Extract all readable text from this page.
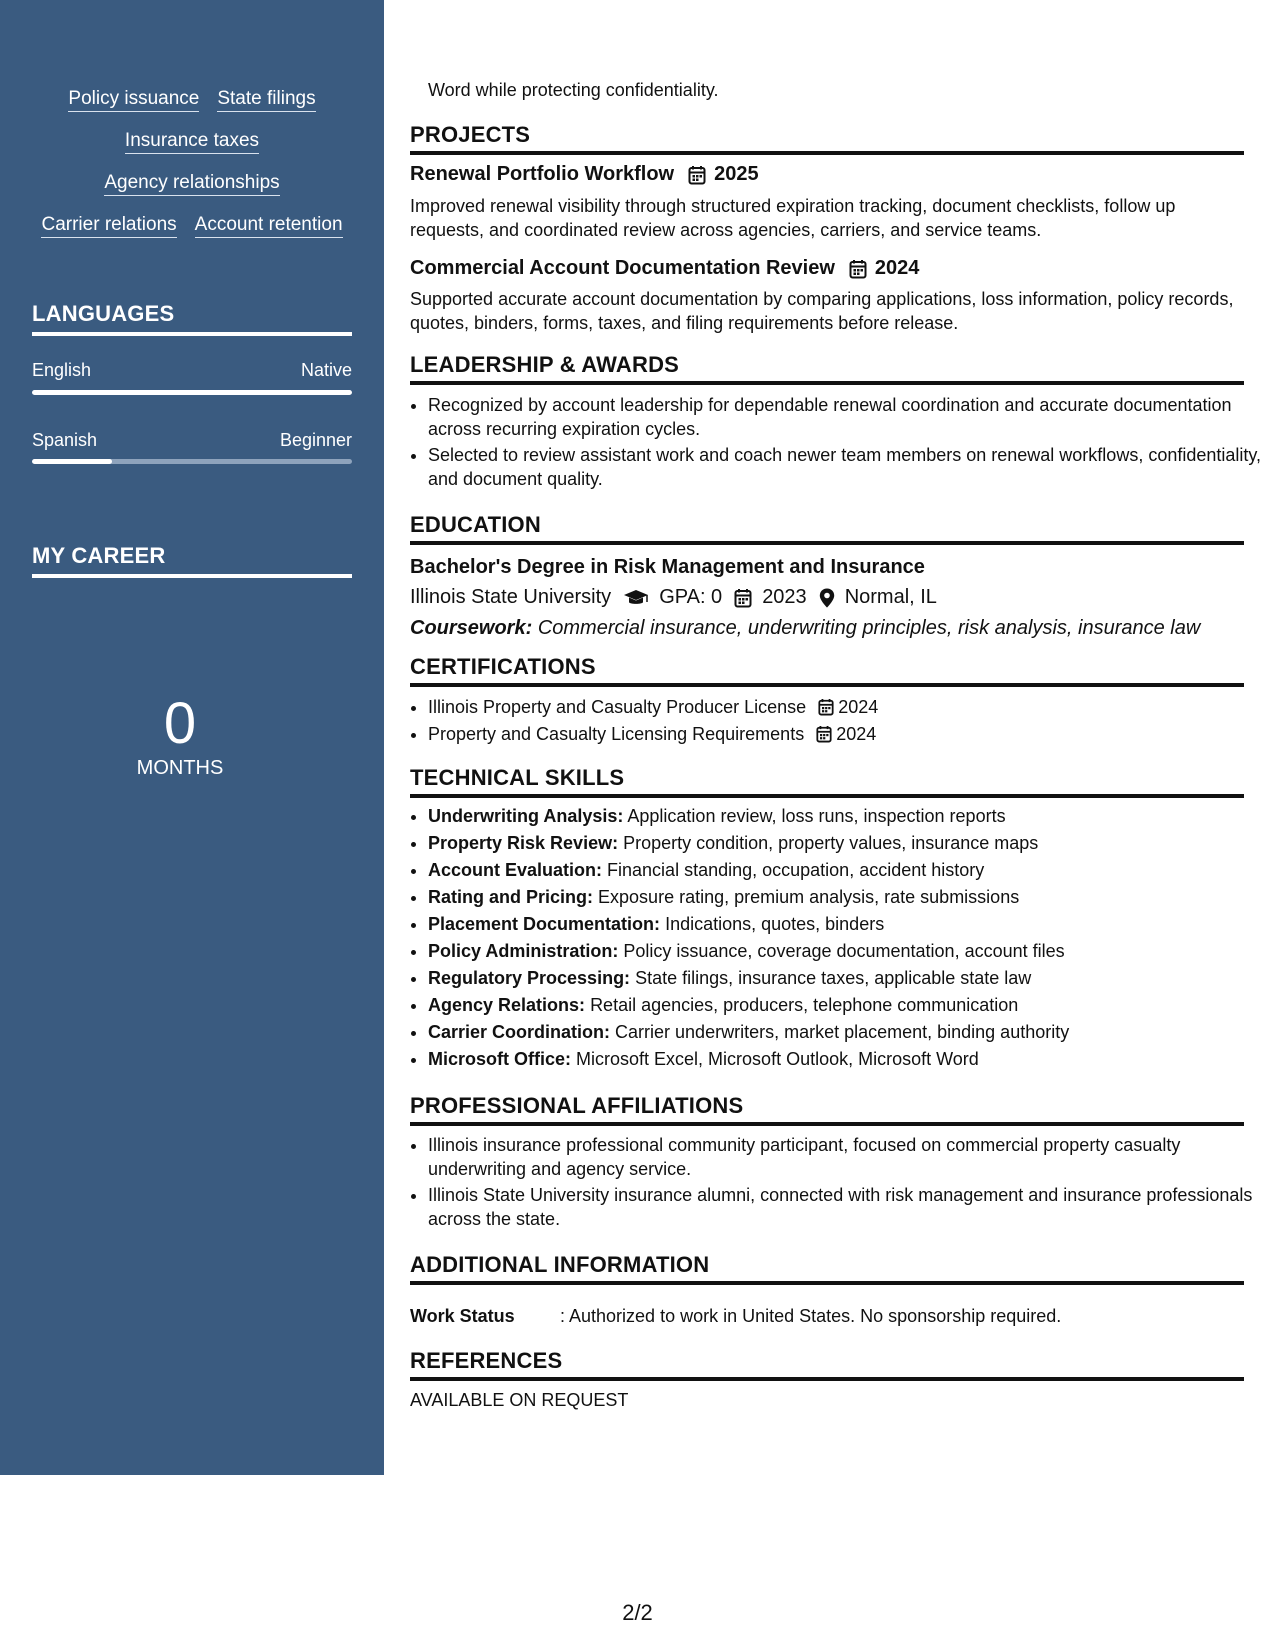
Policy issuance State filings
Insurance taxes
Agency relationships
Carrier relations Account retention
LANGUAGES
English	Native
Spanish	Beginner
MY CAREER
0
MONTHS
Word while protecting confidentiality.
PROJECTS
Renewal Portfolio Workflow 2025

Improved renewal visibility through structured expiration tracking, document checklists, follow up requests, and coordinated review across agencies, carriers, and service teams.

Commercial Account Documentation Review 2024

Supported accurate account documentation by comparing applications, loss information, policy records, quotes, binders, forms, taxes, and filing requirements before release.

LEADERSHIP & AWARDS
• Recognized by account leadership for dependable renewal coordination and accurate documentation across recurring expiration cycles.
• Selected to review assistant work and coach newer team members on renewal workflows, confidentiality, and document quality.
EDUCATION
Bachelor's Degree in Risk Management and Insurance
Illinois State University GPA: 0 2023 Normal, IL
Coursework: Commercial insurance, underwriting principles, risk analysis, insurance law
CERTIFICATIONS
• Illinois Property and Casualty Producer License 2024
• Property and Casualty Licensing Requirements 2024
TECHNICAL SKILLS
• Underwriting Analysis: Application review, loss runs, inspection reports
• Property Risk Review: Property condition, property values, insurance maps
• Account Evaluation: Financial standing, occupation, accident history
• Rating and Pricing: Exposure rating, premium analysis, rate submissions
• Placement Documentation: Indications, quotes, binders
• Policy Administration: Policy issuance, coverage documentation, account files
• Regulatory Processing: State filings, insurance taxes, applicable state law
• Agency Relations: Retail agencies, producers, telephone communication
• Carrier Coordination: Carrier underwriters, market placement, binding authority
• Microsoft Office: Microsoft Excel, Microsoft Outlook, Microsoft Word
PROFESSIONAL AFFILIATIONS
• Illinois insurance professional community participant, focused on commercial property casualty underwriting and agency service.
• Illinois State University insurance alumni, connected with risk management and insurance professionals across the state.
ADDITIONAL INFORMATION
Work Status	: Authorized to work in United States. No sponsorship required.
REFERENCES
AVAILABLE ON REQUEST
2/2
